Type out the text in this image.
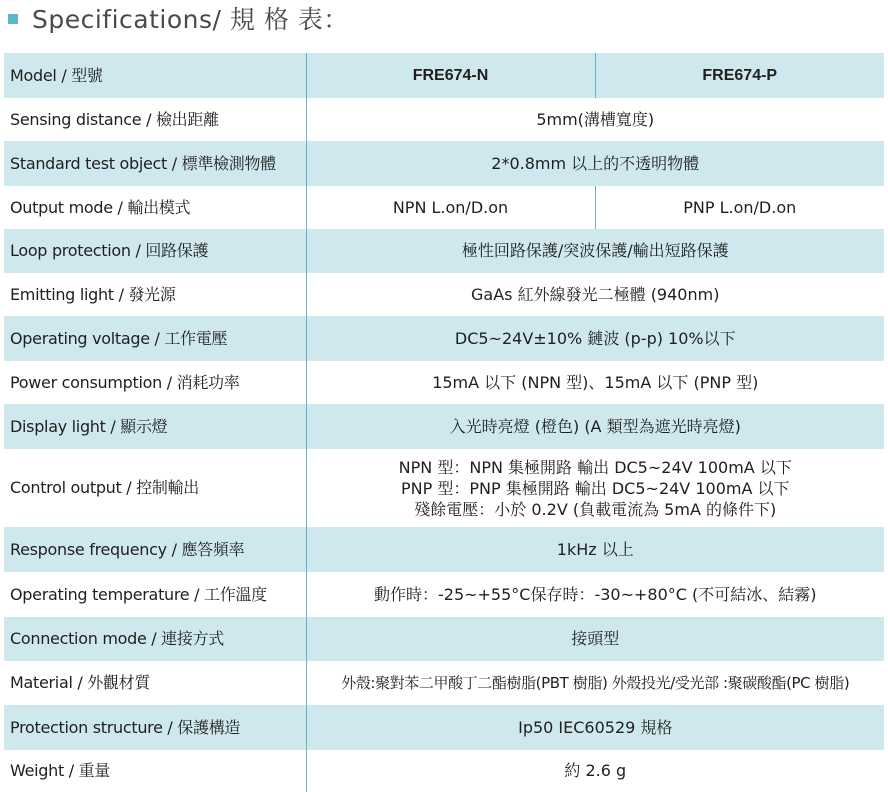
Specifications/ 規 格 表：
Model / 型號	FRE674-N	FRE674-P
Sensing distance / 檢出距離	5mm(溝槽寬度)	
Standard test object / 標準檢測物體	2*0.8mm 以上的不透明物體	
Output mode / 輸出模式	NPN L.on/D.on	PNP L.on/D.on
Loop protection / 回路保護	極性回路保護/突波保護/輸出短路保護	
Emitting light / 發光源	GaAs 紅外線發光二極體 (940nm)	
Operating voltage / 工作電壓	DC5~24V±10% 鏈波 (p-p) 10%以下	
Power consumption / 消耗功率	15mA 以下 (NPN 型)、15mA 以下 (PNP 型)	
Display light / 顯示燈	入光時亮燈 (橙色) (A 類型為遮光時亮燈)	
Control output / 控制輸出	NPN 型：NPN 集極開路 輸出 DC5~24V 100mA 以下
PNP 型：PNP 集極開路 輸出 DC5~24V 100mA 以下
殘餘電壓：小於 0.2V (負載電流為 5mA 的條件下)	

Response frequency / 應答頻率	1kHz 以上	
Operating temperature / 工作溫度	動作時：-25~+55°C保存時：-30~+80°C (不可結冰、結霧)	
Connection mode / 連接方式	接頭型	
Material / 外觀材質	外殼:聚對苯二甲酸丁二酯樹脂(PBT 樹脂) 外殼投光/受光部 :聚碳酸酯(PC 樹脂)	
Protection structure / 保護構造	Ip50 IEC60529 規格	
Weight / 重量	約 2.6 g	
